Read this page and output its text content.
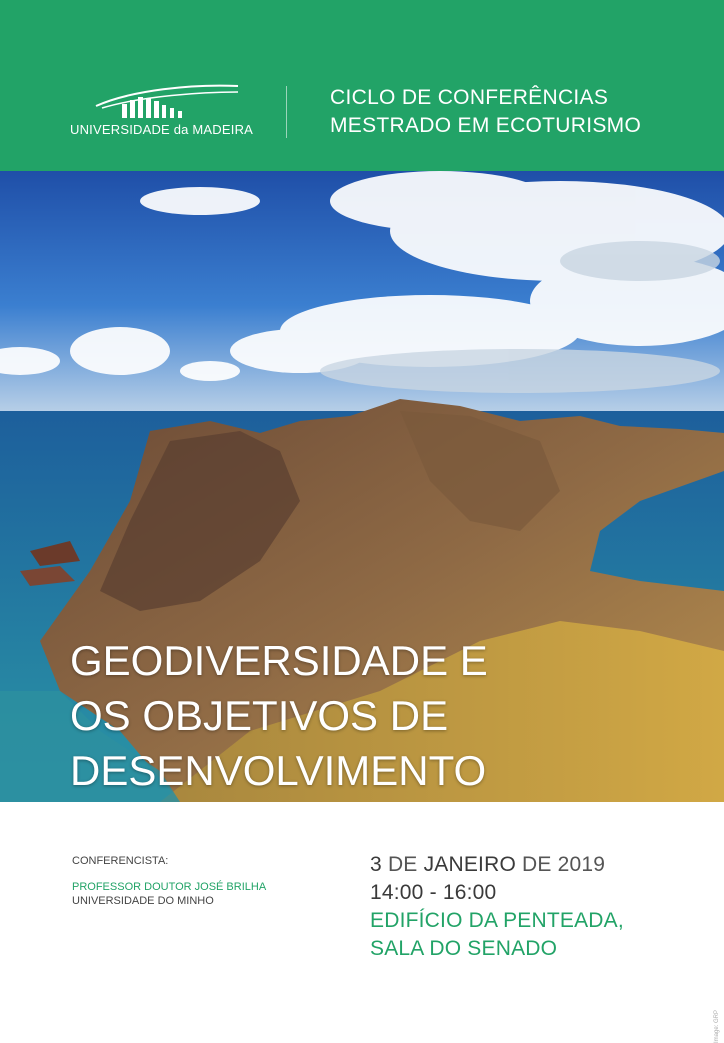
UNIVERSIDADE da MADEIRA
CICLO DE CONFERÊNCIAS
MESTRADO EM ECOTURISMO
GEODIVERSIDADE E
OS OBJETIVOS DE
DESENVOLVIMENTO
CONFERENCISTA:
PROFESSOR DOUTOR JOSÉ BRILHA
UNIVERSIDADE DO MINHO
3 DE JANEIRO DE 2019
14:00 - 16:00
EDIFÍCIO DA PENTEADA,
SALA DO SENADO
Image: GRP
